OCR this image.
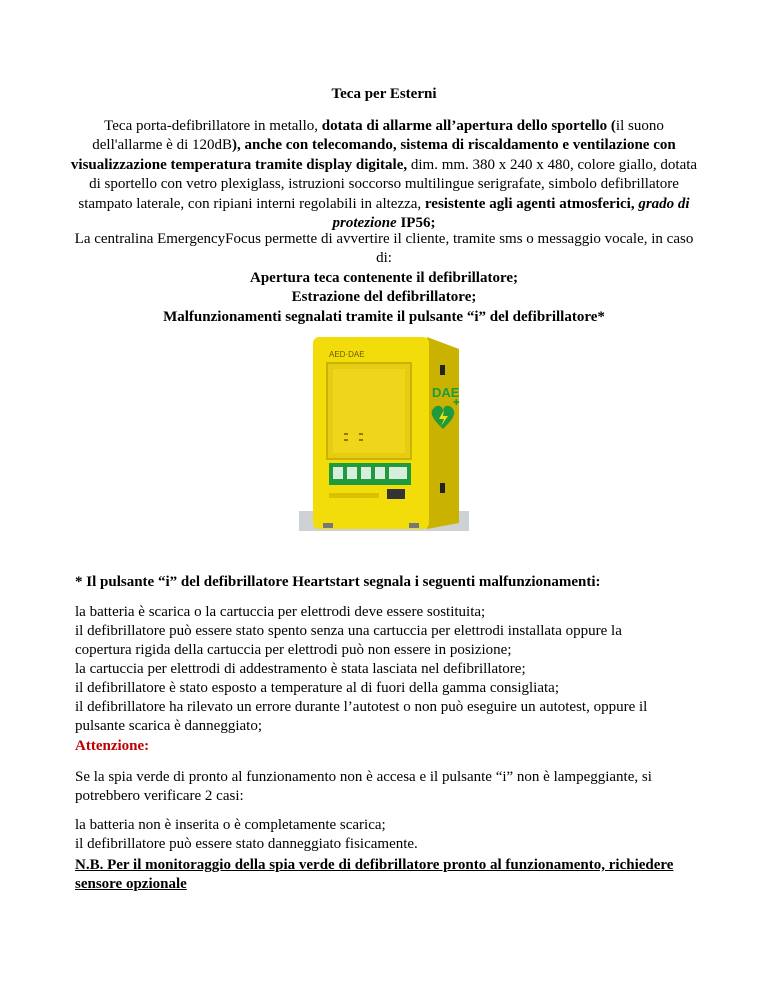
Teca per Esterni
Teca porta-defibrillatore in metallo, dotata di allarme all’apertura dello sportello (il suono dell'allarme è di 120dB), anche con telecomando, sistema di riscaldamento e ventilazione con visualizzazione temperatura tramite display digitale, dim. mm. 380 x 240 x 480, colore giallo, dotata di sportello con vetro plexiglass, istruzioni soccorso multilingue serigrafate, simbolo defibrillatore stampato laterale, con ripiani interni regolabili in altezza, resistente agli agenti atmosferici, grado di protezione IP56;
La centralina EmergencyFocus permette di avvertire il cliente, tramite sms o messaggio vocale, in caso di:
Apertura teca contenente il defibrillatore;
Estrazione del defibrillatore;
Malfunzionamenti segnalati tramite il pulsante “i” del defibrillatore*
AED·DAE
DAE
✚
* Il pulsante “i” del defibrillatore Heartstart segnala i seguenti malfunzionamenti:
la batteria è scarica o la cartuccia per elettrodi deve essere sostituita;
il defibrillatore può essere stato spento senza una cartuccia per elettrodi installata oppure la
copertura rigida della cartuccia per elettrodi può non essere in posizione;
la cartuccia per elettrodi di addestramento è stata lasciata nel defibrillatore;
il defibrillatore è stato esposto a temperature al di fuori della gamma consigliata;
il defibrillatore ha rilevato un errore durante l’autotest o non può eseguire un autotest, oppure il
pulsante scarica è danneggiato;
Attenzione:
Se la spia verde di pronto al funzionamento non è accesa e il pulsante “i” non è lampeggiante, si
potrebbero verificare 2 casi:
la batteria non è inserita o è completamente scarica;
il defibrillatore può essere stato danneggiato fisicamente.
N.B. Per il monitoraggio della spia verde di defibrillatore pronto al funzionamento, richiedere
sensore opzionale
